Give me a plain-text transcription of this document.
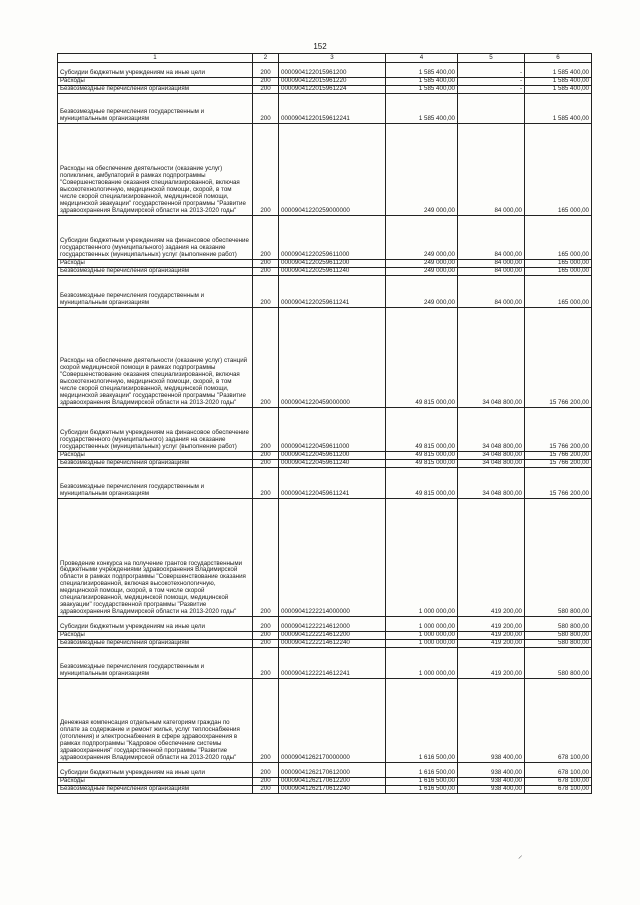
152
1	2	3	4	5	6
Субсидии бюджетным учреждениям на иные цели	200	0000904122015961200	1 585 400,00	-	1 585 400,00
Расходы	200	0000904122015961220	1 585 400,00	-	1 585 400,00
Безвозмездные перечисления организациям	200	0000904122015961224	1 585 400,00	-	1 585 400,00
Безвозмездные перечисления государственным и муниципальным организациям	200	00009041220159612241	1 585 400,00		1 585 400,00
Расходы на обеспечение деятельности (оказание услуг) поликлиник, амбулаторий в рамках подпрограммы "Совершенствование оказания специализированной, включая высокотехнологичную, медицинской помощи, скорой, в том числе скорой специализированной, медицинской помощи, медицинской эвакуации" государственной программы "Развитие здравоохранения Владимирской области на 2013-2020 годы"	200	00009041220259000000	249 000,00	84 000,00	165 000,00
Субсидии бюджетным учреждениям на финансовое обеспечение государственного (муниципального) задания на оказание государственных (муниципальных) услуг (выполнение работ)	200	00009041220259611000	249 000,00	84 000,00	165 000,00
Расходы	200	00009041220259611200	249 000,00	84 000,00	165 000,00
Безвозмездные перечисления организациям	200	00009041220259611240	249 000,00	84 000,00	165 000,00
Безвозмездные перечисления государственным и муниципальным организациям	200	00009041220259611241	249 000,00	84 000,00	165 000,00
Расходы на обеспечение деятельности (оказание услуг) станций скорой медицинской помощи в рамках подпрограммы "Совершенствование оказания специализированной, включая высокотехнологичную, медицинской помощи, скорой, в том числе скорой специализированной, медицинской помощи, медицинской эвакуации" государственной программы "Развитие здравоохранения Владимирской области на 2013-2020 годы"	200	00009041220459000000	49 815 000,00	34 048 800,00	15 766 200,00
Субсидии бюджетным учреждениям на финансовое обеспечение государственного (муниципального) задания на оказание государственных (муниципальных) услуг (выполнение работ)	200	00009041220459611000	49 815 000,00	34 048 800,00	15 766 200,00
Расходы	200	00009041220459611200	49 815 000,00	34 048 800,00	15 766 200,00
Безвозмездные перечисления организациям	200	00009041220459611240	49 815 000,00	34 048 800,00	15 766 200,00
Безвозмездные перечисления государственным и муниципальным организациям	200	00009041220459611241	49 815 000,00	34 048 800,00	15 766 200,00
Проведение конкурса на получение грантов государственными бюджетными учреждениями здравоохранения Владимирской области в рамках подпрограммы "Совершенствование оказания специализированной, включая высокотехнологичную, медицинской помощи, скорой, в том числе скорой специализированной, медицинской помощи, медицинской эвакуации" государственной программы "Развитие здравоохранения Владимирской области на 2013-2020 годы"	200	00009041222214000000	1 000 000,00	419 200,00	580 800,00
Субсидии бюджетным учреждениям на иные цели	200	00009041222214612000	1 000 000,00	419 200,00	580 800,00
Расходы	200	00009041222214612200	1 000 000,00	419 200,00	580 800,00
Безвозмездные перечисления организациям	200	00009041222214612240	1 000 000,00	419 200,00	580 800,00
Безвозмездные перечисления государственным и муниципальным организациям	200	00009041222214612241	1 000 000,00	419 200,00	580 800,00
Денежная компенсация отдельным категориям граждан по оплате за содержание и ремонт жилья, услуг теплоснабжения (отопления) и электроснабжения в сфере здравоохранения в рамках подпрограммы "Кадровое обеспечение системы здравоохранения" государственной программы "Развитие здравоохранения Владимирской области на 2013-2020 годы"	200	00009041262170000000	1 616 500,00	938 400,00	678 100,00
Субсидии бюджетным учреждениям на иные цели	200	00009041262170612000	1 616 500,00	938 400,00	678 100,00
Расходы	200	00009041262170612200	1 616 500,00	938 400,00	678 100,00
Безвозмездные перечисления организациям	200	00009041262170612240	1 616 500,00	938 400,00	678 100,00
⸝
